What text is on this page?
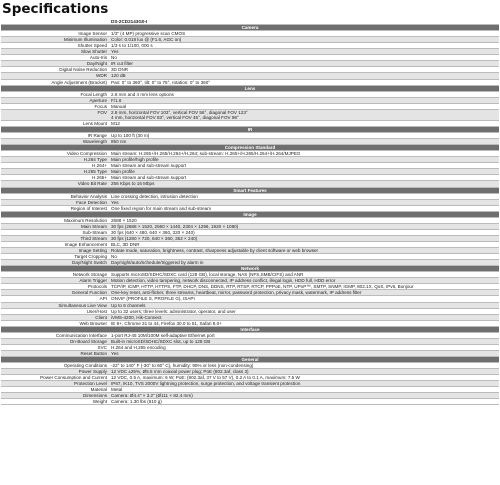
Specifications
	DS-2CD2143G0-I
Camera	
Image Sensor	1/3" (4 MP) progressive scan CMOS
Minimum Illumination	Color: 0.018 lux @ (F1.6, AGC on)
Shutter Speed	1/3 s to 1/100, 000 s
Slow Shutter	Yes
Auto-Iris	No
Day/Night	IR cut filter
Digital Noise Reduction	3D DNR
WDR	120 dB
Angle Adjustment (Bracket)	Pan: 0° to 360°, tilt: 0° to 75°, rotation: 0° to 360°
Lens	
Focal Length	2.8 mm and 4 mm lens options
Aperture	F/1.6
Focus	Manual
FOV	2.8 mm, horizontal FOV 103°, vertical FOV 56°, diagonal FOV 123°
4 mm, horizontal FOV 83°, vertical FOV 45°, diagonal FOV 98°
Lens Mount	M12
IR	
IR Range	Up to 100 ft (30 m)
Wavelength	850 nm
Compression Standard	
Video Compression	Main stream: H.265+/H.265/H.264+/H.264; sub-stream: H.265+/H.265/H.264+/H.264/MJPEG
H.264 Type	Main profile/high profile
H.264+	Main stream and sub-stream support
H.265 Type	Main profile
H.265+	Main stream and sub-stream support
Video Bit Rate	256 Kbps to 16 Mbps
Smart Features	
Behavior Analysis	Line crossing detection, intrusion detection
Face Detection	Yes
Region of Interest	One fixed region for main stream and sub-stream
Image	
Maximum Resolution	2688 × 1520
Main Stream	30 fps (2688 × 1520, 2560 × 1440, 2304 × 1296, 1920 × 1080)
Sub-Stream	30 fps (640 × 480, 640 × 360, 320 × 240)
Third Stream	30 fps (1280 × 720, 640 × 360, 352 × 240)
Image Enhancement	BLC, 3D DNR
Image Setting	Rotate mode, saturation, brightness, contrast, sharpness adjustable by client software or web browser
Target Cropping	No
Day/Night Switch	Day/night/auto/schedule/triggered by alarm in
Network	
Network Storage	Supports microSD/SDHC/SDXC card (128 GB), local storage, NAS (NFS,SMB/CIFS) and ANR
Alarm Trigger	Motion detection, video tampering, network disconnected, IP address conflict, illegal login, HDD full, HDD error
Protocols	TCP/IP, ICMP, HTTP, HTTPS, FTP, DHCP, DNS, DDNS, RTP, RTSP, RTCP, PPPoE, NTP, UPnP™, SMTP, SNMP, IGMP, 802.1X, QoS, IPv6, Bonjour
General Function	One-key reset, anti-flicker, three streams, heartbeat, mirror, password protection, privacy mask, watermark, IP address filter
API	ONVIF (PROFILE S, PROFILE G), ISAPI
Simultaneous Live View	Up to 6 channels
User/Host	Up to 32 users; three levels: administrator, operator, and user
Client	iVMS-4200, Hik-Connect
Web Browser	IE 8+, Chrome 31 to 44, Firefox 30.0 to 51, Safari 8.0+
Interface	
Communication Interface	1-port RJ-45 10M/100M self-adaptive Ethernet port
On-Board Storage	Built-in microSD/SDHC/SDXC slot, up to 128 GB
SVC	H.264 and H.265 encoding
Reset Button	Yes
General	
Operating Conditions	-22° to 140° F (-30° to 60° C), humidity: 95% or less (non-condensing)
Power Supply	12 VDC ±25%, Ø5.5 mm coaxial power plug; PoE (802.3af, class 3)
Power Consumption and Current	12 VDC, 0.5 A, maximum: 6 W; PoE: (802.3af, 37 V to 57 V), 0.2 A to 0.1 A, maximum: 7.5 W
Protection Level	IP67, IK10, TVS 2000V lightning protection, surge protection, and voltage transient protection
Material	Metal
Dimensions	Camera: Ø4.4" × 3.2" (Ø111 × 82.4 mm)
Weight	Camera: 1.30 lbs (610 g)
